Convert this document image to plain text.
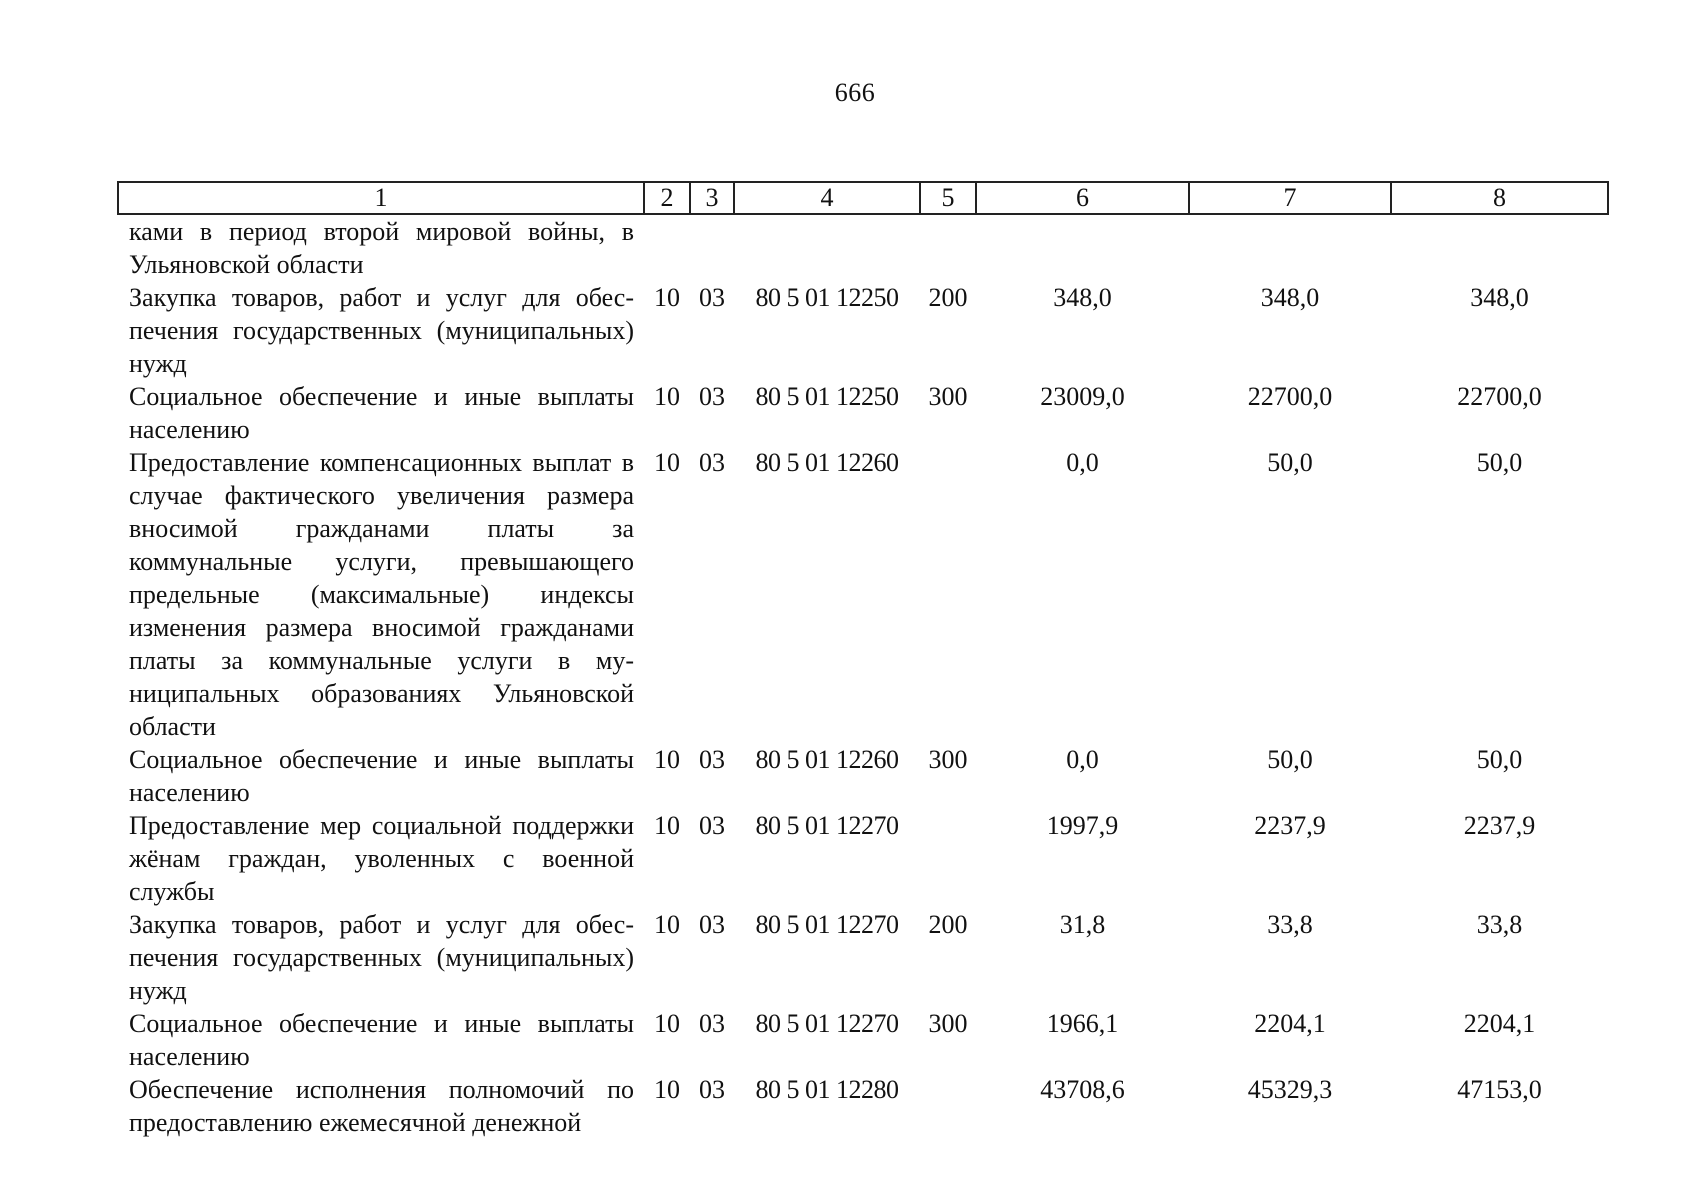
666
1	2	3	4	5	6	7	8
ками в период второй мировой войны, в Ульяновской области							
Закупка товаров, работ и услуг для обеспечения государственных (муниципальных) нужд	10	03	80 5 01 12250	200	348,0	348,0	348,0
Социальное обеспечение и иные выплаты населению	10	03	80 5 01 12250	300	23009,0	22700,0	22700,0
Предоставление компенсационных выплат в случае фактического увеличения размера вносимой гражданами платы за коммунальные услуги, превышающего предельные (максимальные) индексы изменения размера вносимой гражданами платы за коммунальные услуги в муниципальных образованиях Ульяновской области	10	03	80 5 01 12260		0,0	50,0	50,0
Социальное обеспечение и иные выплаты населению	10	03	80 5 01 12260	300	0,0	50,0	50,0
Предоставление мер социальной поддержки жёнам граждан, уволенных с военной службы	10	03	80 5 01 12270		1997,9	2237,9	2237,9
Закупка товаров, работ и услуг для обеспечения государственных (муниципальных) нужд	10	03	80 5 01 12270	200	31,8	33,8	33,8
Социальное обеспечение и иные выплаты населению	10	03	80 5 01 12270	300	1966,1	2204,1	2204,1
Обеспечение исполнения полномочий по предоставлению ежемесячной денежной	10	03	80 5 01 12280		43708,6	45329,3	47153,0
